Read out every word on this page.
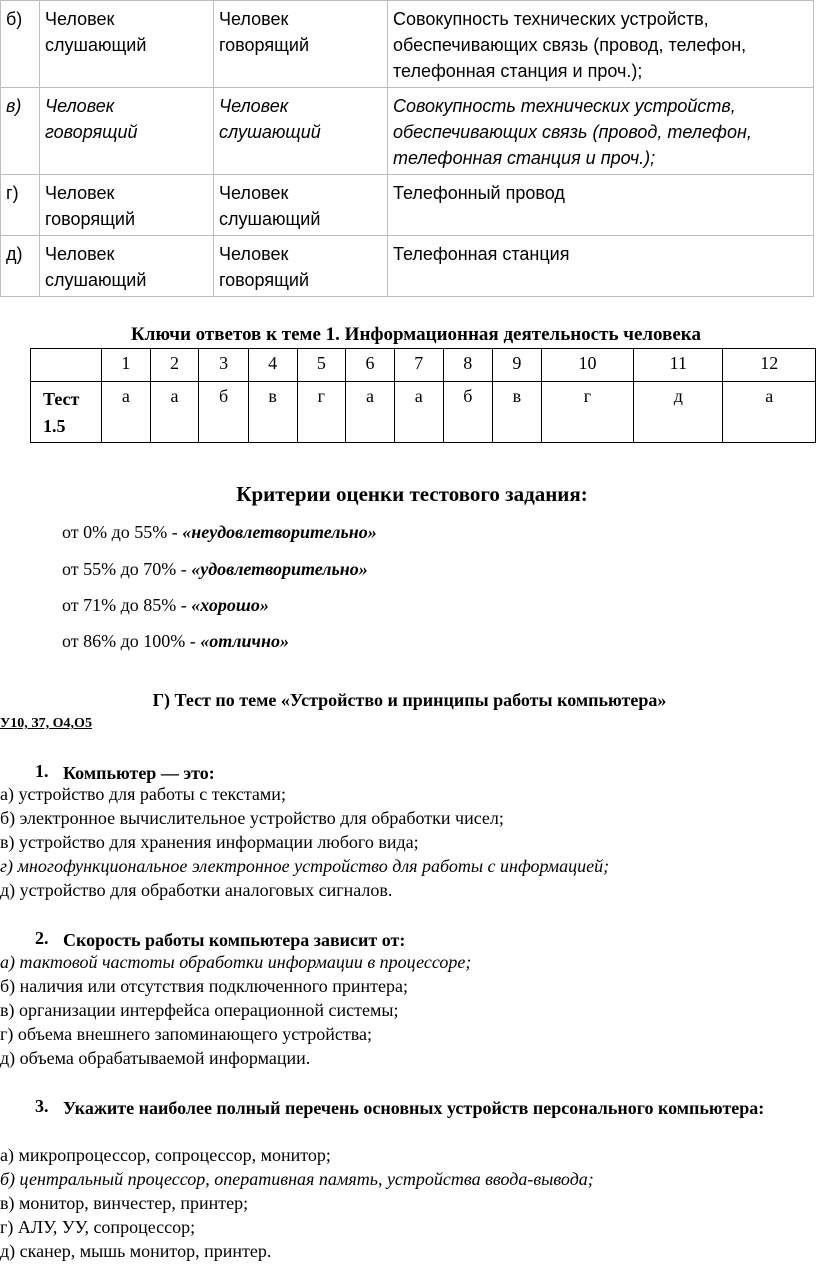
б)	Человек слушающий	Человек говорящий	Совокупность технических устройств, обеспечивающих связь (провод, телефон, телефонная станция и проч.);
в)	Человек говорящий	Человек слушающий	Совокупность технических устройств, обеспечивающих связь (провод, телефон, телефонная станция и проч.);
г)	Человек говорящий	Человек слушающий	Телефонный провод
д)	Человек слушающий	Человек говорящий	Телефонная станция
Ключи ответов к теме 1. Информационная деятельность человека
	1	2	3	4	5	6	7	8	9	10	11	12
Тест 1.5	а	а	б	в	г	а	а	б	в	г	д	а
Критерии оценки тестового задания:
от 0% до 55% - «неудовлетворительно»
от 55% до 70% - «удовлетворительно»
от 71% до 85% - «хорошо»
от 86% до 100% - «отлично»
Г) Тест по теме «Устройство и принципы работы компьютера»
У10, З7, О4,О5
1. Компьютер — это:
а) устройство для работы с текстами;
б) электронное вычислительное устройство для обработки чисел;
в) устройство для хранения информации любого вида;
г) многофункциональное электронное устройство для работы с информацией;
д) устройство для обработки аналоговых сигналов.
2. Скорость работы компьютера зависит от:
а) тактовой частоты обработки информации в процессоре;
б) наличия или отсутствия подключенного принтера;
в) организации интерфейса операционной системы;
г) объема внешнего запоминающего устройства;
д) объема обрабатываемой информации.
3. Укажите наиболее полный перечень основных устройств персонального компьютера:
а) микропроцессор, сопроцессор, монитор;
б) центральный процессор, оперативная память, устройства ввода-вывода;
в) монитор, винчестер, принтер;
г) АЛУ, УУ, сопроцессор;
д) сканер, мышь монитор, принтер.
